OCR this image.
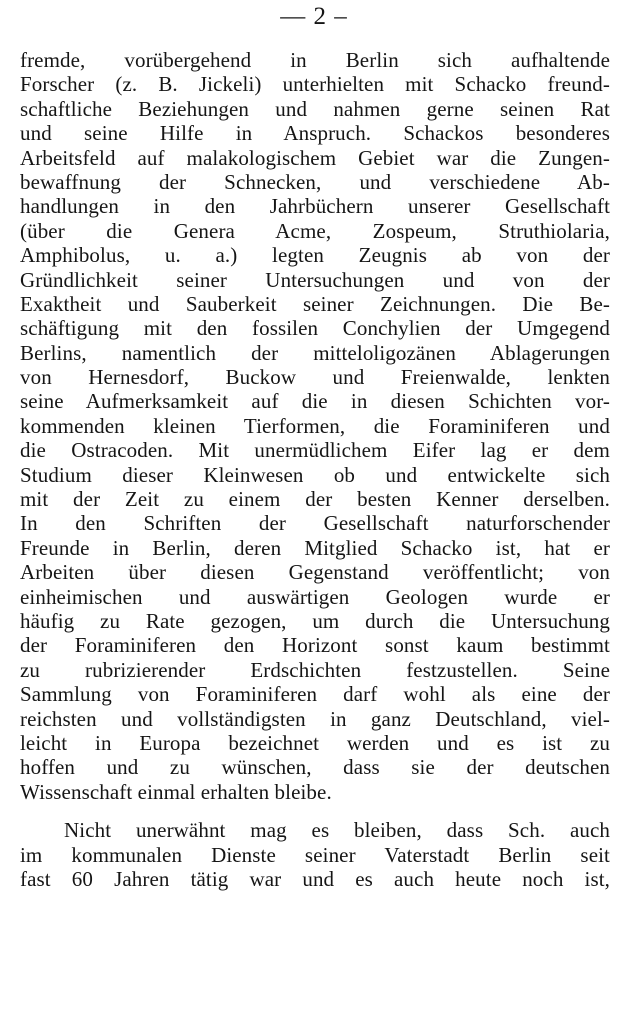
— 2 –
fremde, vorübergehend in Berlin sich aufhaltende
Forscher (z. B. Jickeli) unterhielten mit Schacko freund-
schaftliche Beziehungen und nahmen gerne seinen Rat
und seine Hilfe in Anspruch. Schackos besonderes
Arbeitsfeld auf malakologischem Gebiet war die Zungen-
bewaffnung der Schnecken, und verschiedene Ab-
handlungen in den Jahrbüchern unserer Gesellschaft
(über die Genera Acme, Zospeum, Struthiolaria,
Amphibolus, u. a.) legten Zeugnis ab von der
Gründlichkeit seiner Untersuchungen und von der
Exaktheit und Sauberkeit seiner Zeichnungen. Die Be-
schäftigung mit den fossilen Conchylien der Umgegend
Berlins, namentlich der mitteloligozänen Ablagerungen
von Hernesdorf, Buckow und Freienwalde, lenkten
seine Aufmerksamkeit auf die in diesen Schichten vor-
kommenden kleinen Tierformen, die Foraminiferen und
die Ostracoden. Mit unermüdlichem Eifer lag er dem
Studium dieser Kleinwesen ob und entwickelte sich
mit der Zeit zu einem der besten Kenner derselben.
In den Schriften der Gesellschaft naturforschender
Freunde in Berlin, deren Mitglied Schacko ist, hat er
Arbeiten über diesen Gegenstand veröffentlicht; von
einheimischen und auswärtigen Geologen wurde er
häufig zu Rate gezogen, um durch die Untersuchung
der Foraminiferen den Horizont sonst kaum bestimmt
zu rubrizierender Erdschichten festzustellen. Seine
Sammlung von Foraminiferen darf wohl als eine der
reichsten und vollständigsten in ganz Deutschland, viel-
leicht in Europa bezeichnet werden und es ist zu
hoffen und zu wünschen, dass sie der deutschen
Wissenschaft einmal erhalten bleibe.
Nicht unerwähnt mag es bleiben, dass Sch. auch
im kommunalen Dienste seiner Vaterstadt Berlin seit
fast 60 Jahren tätig war und es auch heute noch ist,
